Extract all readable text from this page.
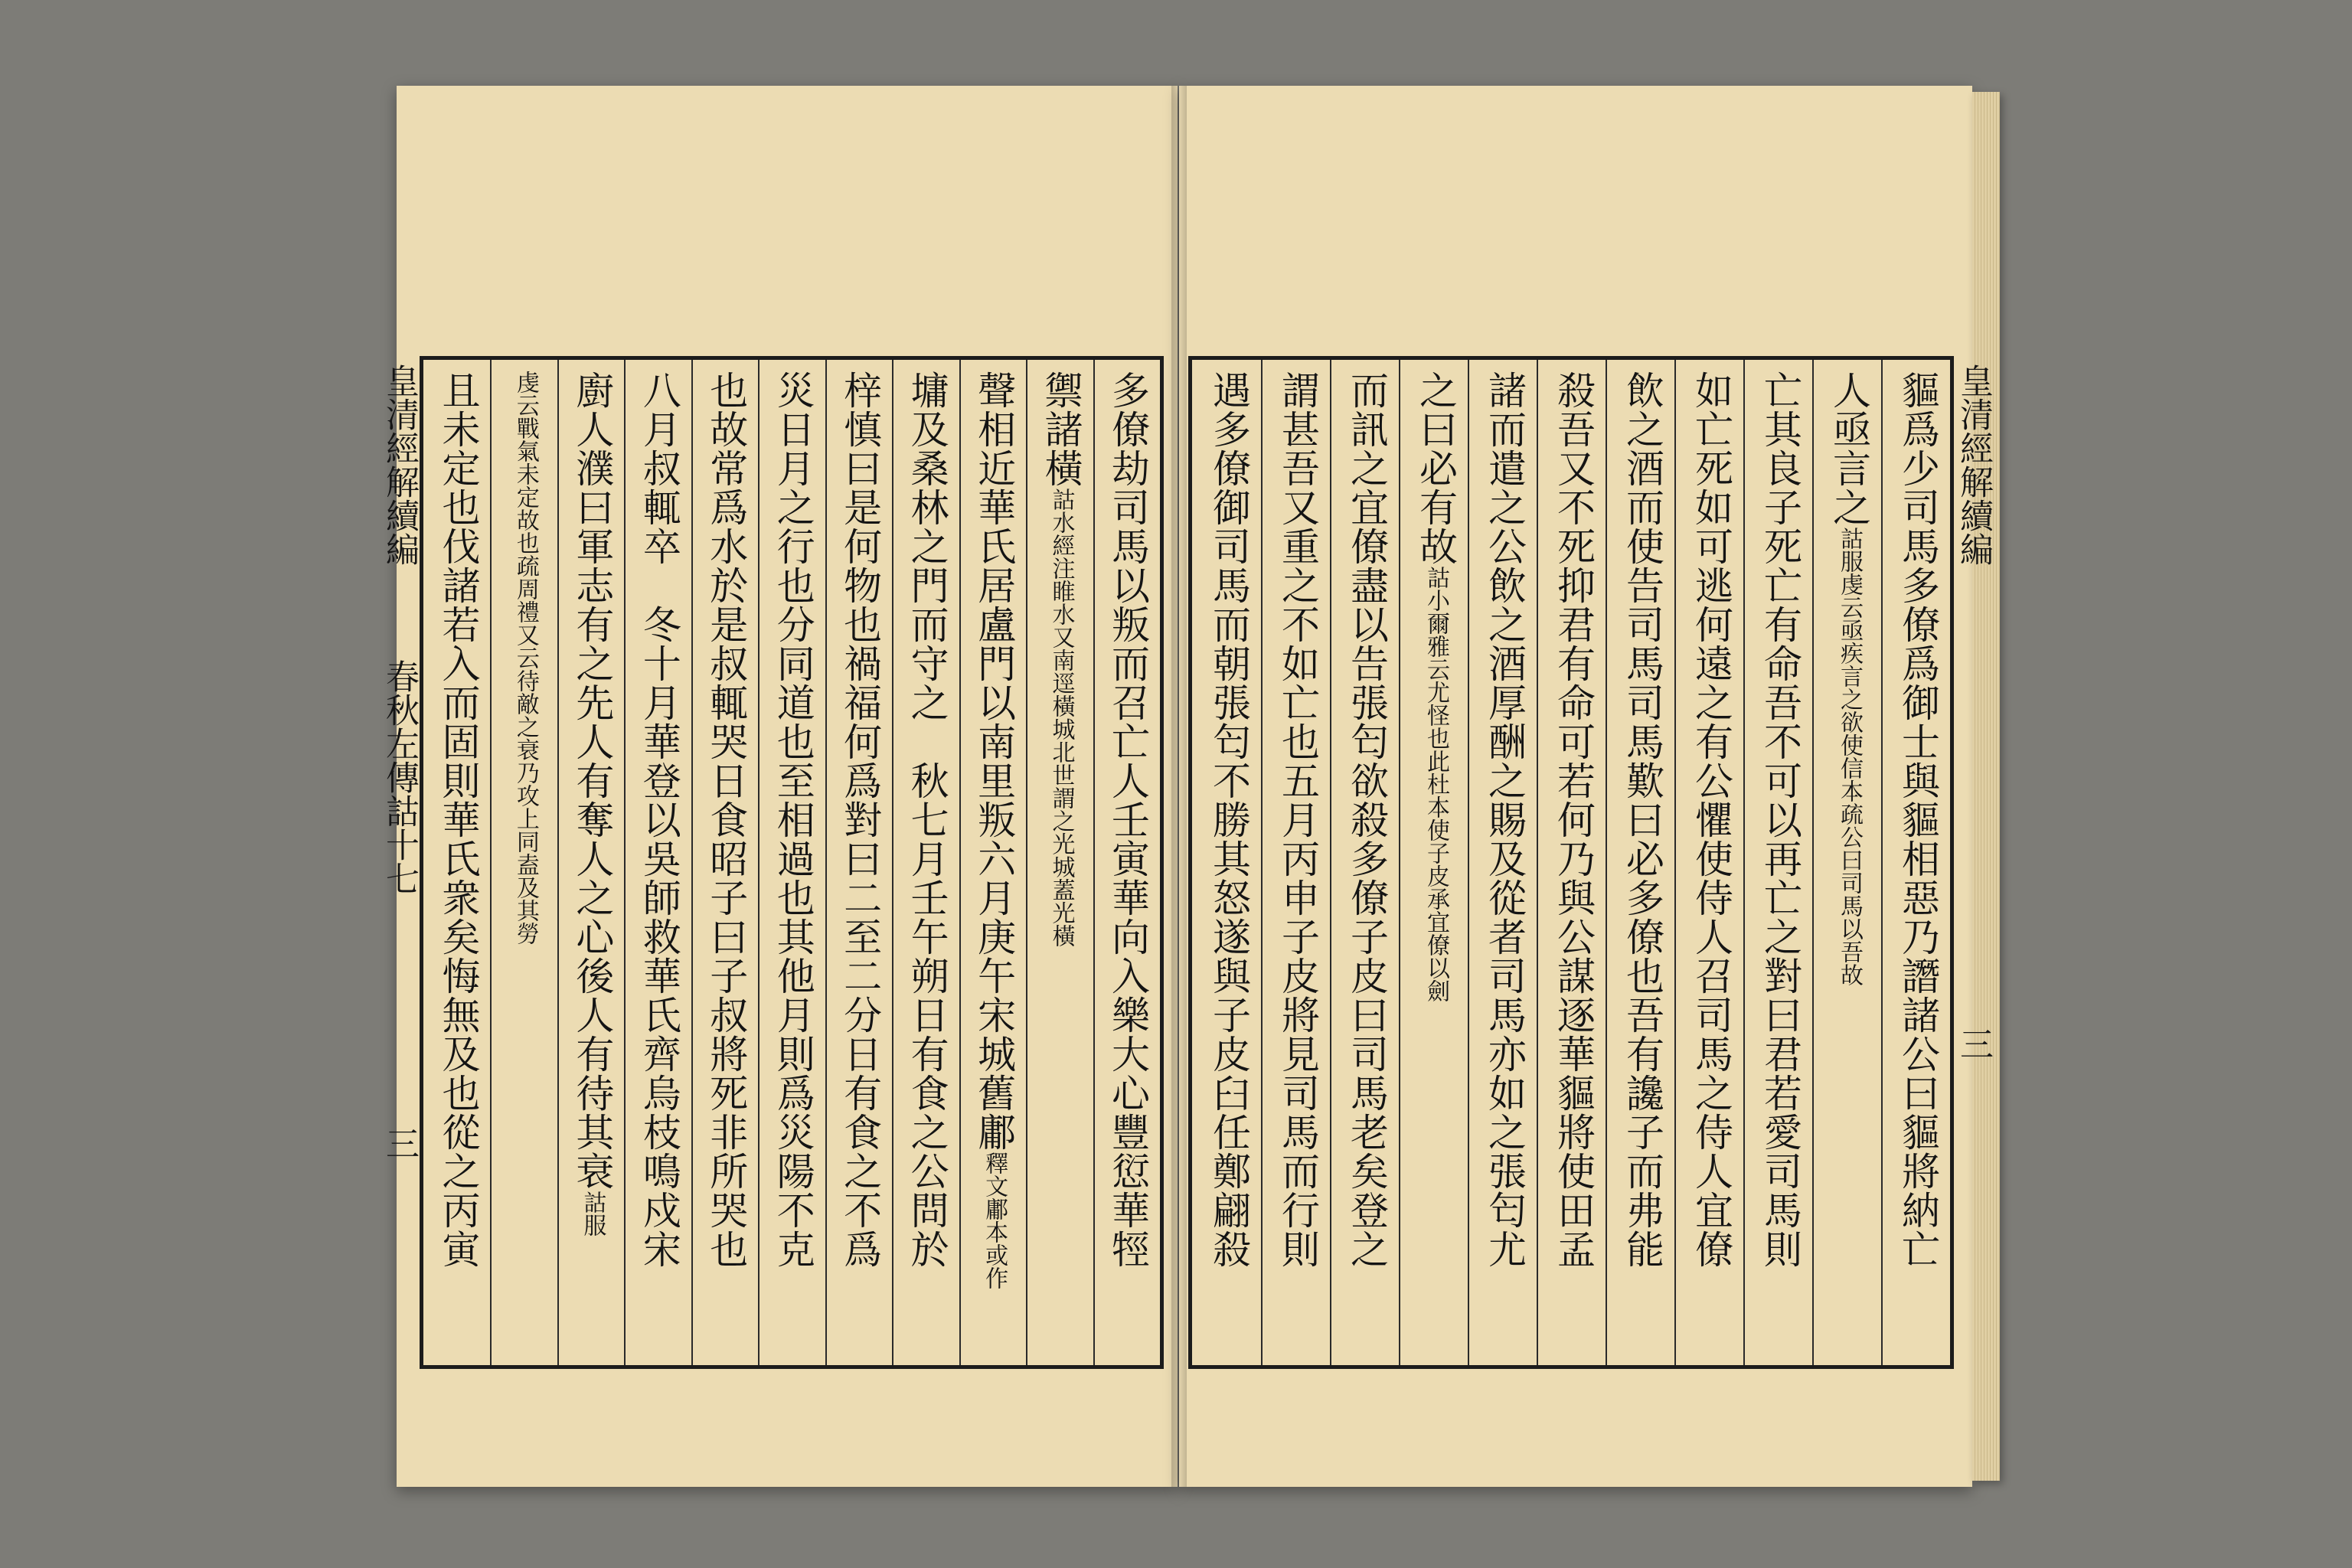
皇清經解續編  春秋左傳詁十七  三	多僚劫司馬以叛而召亡人壬寅華向入樂大心豐愆華牼
禦諸橫詁水經注睢水又南逕橫城北世謂之光城蓋光橫
聲相近華氏居盧門以南里叛六月庚午宋城舊鄘釋文鄘本或作
墉及桑林之門而守之　秋七月壬午朔日有食之公問於
梓慎曰是何物也禍福何爲對曰二至二分日有食之不爲
災日月之行也分同道也至相過也其他月則爲災陽不克
也故常爲水於是叔輒哭日食昭子曰子叔將死非所哭也
八月叔輒卒　冬十月華登以吳師救華氏齊烏枝鳴戍宋
廚人濮曰軍志有之先人有奪人之心後人有待其衰詁服
虔云戰氣未定故也疏周禮又云待敵之衰乃攻上同盍及其勞
且未定也伐諸若入而固則華氏衆矣悔無及也從之丙寅	貙爲少司馬多僚爲御士與貙相惡乃譖諸公曰貙將納亡
人亟言之詁服虔云亟疾言之欲使信本疏公曰司馬以吾故
亡其良子死亡有命吾不可以再亡之對曰君若愛司馬則
如亡死如可逃何遠之有公懼使侍人召司馬之侍人宜僚
飲之酒而使告司馬司馬歎曰必多僚也吾有讒子而弗能
殺吾又不死抑君有命可若何乃與公謀逐華貙將使田孟
諸而遣之公飲之酒厚酬之賜及從者司馬亦如之張匄尤
之曰必有故詁小爾雅云尤怪也此杜本使子皮承宜僚以劍
而訊之宜僚盡以告張匄欲殺多僚子皮曰司馬老矣登之
謂甚吾又重之不如亡也五月丙申子皮將見司馬而行則
遇多僚御司馬而朝張匄不勝其怒遂與子皮臼任鄭翩殺	皇清經解續編  三
